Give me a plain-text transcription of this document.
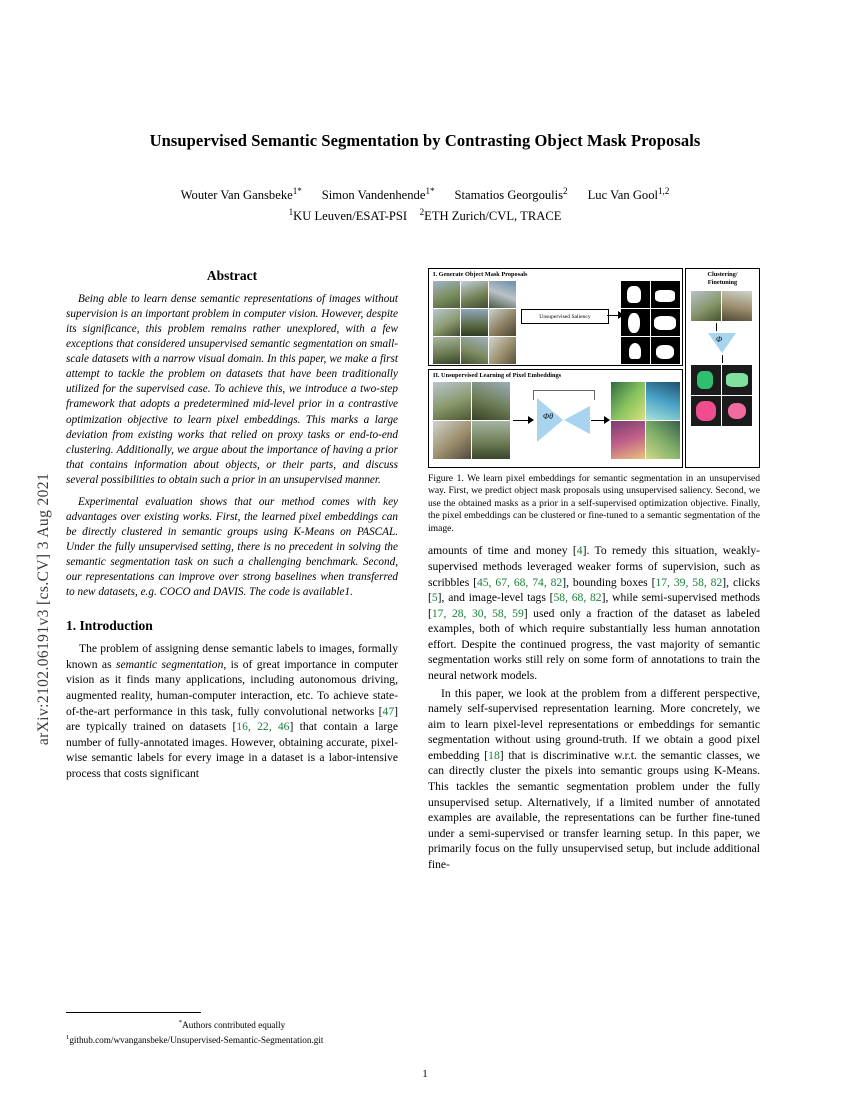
arXiv:2102.06191v3 [cs.CV] 3 Aug 2021
Unsupervised Semantic Segmentation by Contrasting Object Mask Proposals
Wouter Van Gansbeke$^{1*}$ Simon Vandenhende$^{1*}$ Stamatios Georgoulis$^2$ Luc Van Gool$^{1,2}$
$^1$KU Leuven/ESAT-PSI $^2$ETH Zurich/CVL, TRACE
Abstract

Being able to learn dense semantic representations of images without supervision is an important problem in computer vision. However, despite its significance, this problem remains rather unexplored, with a few exceptions that considered unsupervised semantic segmentation on small-scale datasets with a narrow visual domain. In this paper, we make a first attempt to tackle the problem on datasets that have been traditionally utilized for the supervised case. To achieve this, we introduce a two-step framework that adopts a predetermined mid-level prior in a contrastive optimization objective to learn pixel embeddings. This marks a large deviation from existing works that relied on proxy tasks or end-to-end clustering. Additionally, we argue about the importance of having a prior that contains information about objects, or their parts, and discuss several possibilities to obtain such a prior in an unsupervised manner.

Experimental evaluation shows that our method comes with key advantages over existing works. First, the learned pixel embeddings can be directly clustered in semantic groups using K-Means on PASCAL. Under the fully unsupervised setting, there is no precedent in solving the semantic segmentation task on such a challenging benchmark. Second, our representations can improve over strong baselines when transferred to new datasets, e.g. COCO and DAVIS. The code is available1.

1. Introduction

The problem of assigning dense semantic labels to images, formally known as semantic segmentation, is of great importance in computer vision as it finds many applications, including autonomous driving, augmented reality, human-computer interaction, etc. To achieve state-of-the-art performance in this task, fully convolutional networks [47] are typically trained on datasets [16, 22, 46] that contain a large number of fully-annotated images. However, obtaining accurate, pixel-wise semantic labels for every image in a dataset is a labor-intensive process that costs significant

I. Generate Object Mask Proposals
Unsupervised Saliency
II. Unsupervised Learning of Pixel Embeddings
Φθ
Clustering/
Finetuning
Φ
Figure 1. We learn pixel embeddings for semantic segmentation in an unsupervised way. First, we predict object mask proposals using unsupervised saliency. Second, we use the obtained masks as a prior in a self-supervised optimization objective. Finally, the pixel embeddings can be clustered or fine-tuned to a semantic segmentation of the image.

amounts of time and money [4]. To remedy this situation, weakly-supervised methods leveraged weaker forms of supervision, such as scribbles [45, 67, 68, 74, 82], bounding boxes [17, 39, 58, 82], clicks [5], and image-level tags [58, 68, 82], while semi-supervised methods [17, 28, 30, 58, 59] used only a fraction of the dataset as labeled examples, both of which require substantially less human annotation effort. Despite the continued progress, the vast majority of semantic segmentation works still rely on some form of annotations to train the neural network models.

In this paper, we look at the problem from a different perspective, namely self-supervised representation learning. More concretely, we aim to learn pixel-level representations or embeddings for semantic segmentation without using ground-truth. If we obtain a good pixel embedding [18] that is discriminative w.r.t. the semantic classes, we can directly cluster the pixels into semantic groups using K-Means. This tackles the semantic segmentation problem under the fully unsupervised setup. Alternatively, if a limited number of annotated examples are available, the representations can be further fine-tuned under a semi-supervised or transfer learning setup. In this paper, we primarily focus on the fully unsupervised setup, but include additional fine-

*Authors contributed equally
$^1$github.com/wvangansbeke/Unsupervised-Semantic-Segmentation.git
1
